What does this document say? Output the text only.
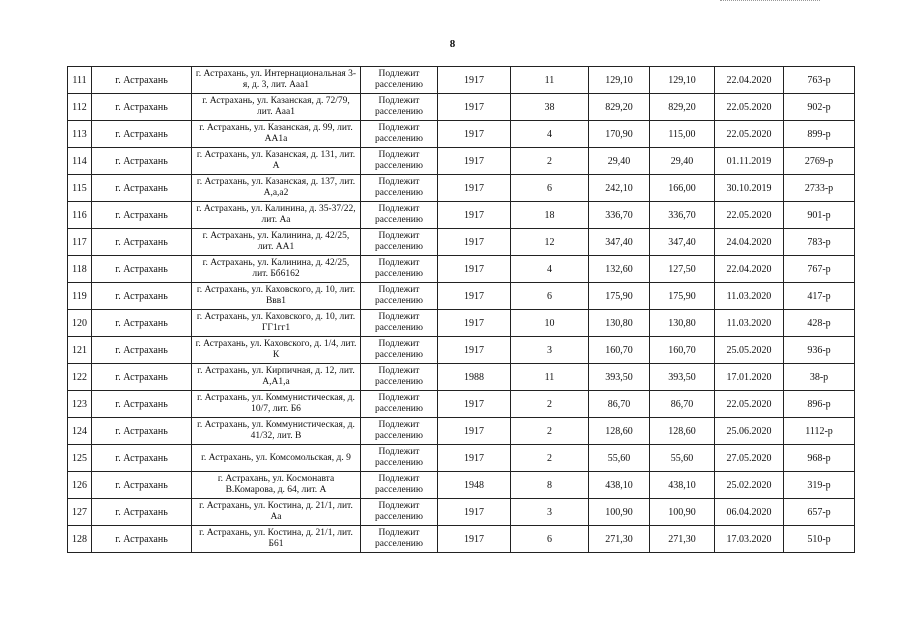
8
111	г. Астрахань	г. Астрахань, ул. Интернациональная 3-я, д. 3, лит. Ааа1	Подлежит расселению	1917	11	129,10	129,10	22.04.2020	763-р
112	г. Астрахань	г. Астрахань, ул. Казанская, д. 72/79, лит. Ааа1	Подлежит расселению	1917	38	829,20	829,20	22.05.2020	902-р
113	г. Астрахань	г. Астрахань, ул. Казанская, д. 99, лит. АА1а	Подлежит расселению	1917	4	170,90	115,00	22.05.2020	899-р
114	г. Астрахань	г. Астрахань, ул. Казанская, д. 131, лит. А	Подлежит расселению	1917	2	29,40	29,40	01.11.2019	2769-р
115	г. Астрахань	г. Астрахань, ул. Казанская, д. 137, лит. А,а,а2	Подлежит расселению	1917	6	242,10	166,00	30.10.2019	2733-р
116	г. Астрахань	г. Астрахань, ул. Калинина, д. 35-37/22, лит. Аа	Подлежит расселению	1917	18	336,70	336,70	22.05.2020	901-р
117	г. Астрахань	г. Астрахань, ул. Калинина, д. 42/25, лит. АА1	Подлежит расселению	1917	12	347,40	347,40	24.04.2020	783-р
118	г. Астрахань	г. Астрахань, ул. Калинина, д. 42/25, лит. Бб6162	Подлежит расселению	1917	4	132,60	127,50	22.04.2020	767-р
119	г. Астрахань	г. Астрахань, ул. Каховского, д. 10, лит. Ввв1	Подлежит расселению	1917	6	175,90	175,90	11.03.2020	417-р
120	г. Астрахань	г. Астрахань, ул. Каховского, д. 10, лит. ГГ1гг1	Подлежит расселению	1917	10	130,80	130,80	11.03.2020	428-р
121	г. Астрахань	г. Астрахань, ул. Каховского, д. 1/4, лит. К	Подлежит расселению	1917	3	160,70	160,70	25.05.2020	936-р
122	г. Астрахань	г. Астрахань, ул. Кирпичная, д. 12, лит. А,А1,а	Подлежит расселению	1988	11	393,50	393,50	17.01.2020	38-р
123	г. Астрахань	г. Астрахань, ул. Коммунистическая, д. 10/7, лит. Б6	Подлежит расселению	1917	2	86,70	86,70	22.05.2020	896-р
124	г. Астрахань	г. Астрахань, ул. Коммунистическая, д. 41/32, лит. В	Подлежит расселению	1917	2	128,60	128,60	25.06.2020	1112-р
125	г. Астрахань	г. Астрахань, ул. Комсомольская, д. 9	Подлежит расселению	1917	2	55,60	55,60	27.05.2020	968-р
126	г. Астрахань	г. Астрахань, ул. Космонавта В.Комарова, д. 64, лит. А	Подлежит расселению	1948	8	438,10	438,10	25.02.2020	319-р
127	г. Астрахань	г. Астрахань, ул. Костина, д. 21/1, лит. Аа	Подлежит расселению	1917	3	100,90	100,90	06.04.2020	657-р
128	г. Астрахань	г. Астрахань, ул. Костина, д. 21/1, лит. Б61	Подлежит расселению	1917	6	271,30	271,30	17.03.2020	510-р
